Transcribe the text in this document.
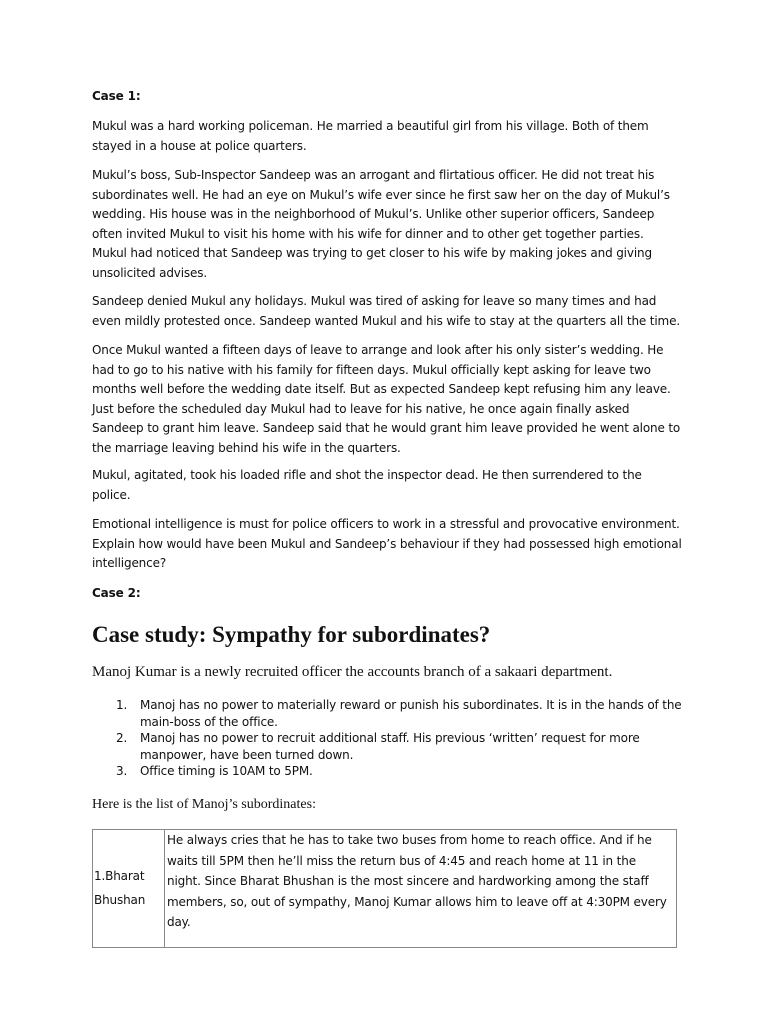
Case 1:

Mukul was a hard working policeman. He married a beautiful girl from his village. Both of them stayed in a house at police quarters.

Mukul’s boss, Sub-Inspector Sandeep was an arrogant and flirtatious officer. He did not treat his subordinates well. He had an eye on Mukul’s wife ever since he first saw her on the day of Mukul’s wedding. His house was in the neighborhood of Mukul’s. Unlike other superior officers, Sandeep often invited Mukul to visit his home with his wife for dinner and to other get together parties. Mukul had noticed that Sandeep was trying to get closer to his wife by making jokes and giving unsolicited advises.

Sandeep denied Mukul any holidays. Mukul was tired of asking for leave so many times and had even mildly protested once. Sandeep wanted Mukul and his wife to stay at the quarters all the time.

Once Mukul wanted a fifteen days of leave to arrange and look after his only sister’s wedding. He had to go to his native with his family for fifteen days. Mukul officially kept asking for leave two months well before the wedding date itself. But as expected Sandeep kept refusing him any leave. Just before the scheduled day Mukul had to leave for his native, he once again finally asked Sandeep to grant him leave. Sandeep said that he would grant him leave provided he went alone to the marriage leaving behind his wife in the quarters.

Mukul, agitated, took his loaded rifle and shot the inspector dead. He then surrendered to the police.

Emotional intelligence is must for police officers to work in a stressful and provocative environment. Explain how would have been Mukul and Sandeep’s behaviour if they had possessed high emotional intelligence?

Case 2:

Case study: Sympathy for subordinates?

Manoj Kumar is a newly recruited officer the accounts branch of a sakaari department.

1. Manoj has no power to materially reward or punish his subordinates. It is in the hands of the main-boss of the office.
2. Manoj has no power to recruit additional staff. His previous ‘written’ request for more manpower, have been turned down.
3. Office timing is 10AM to 5PM.

Here is the list of Manoj’s subordinates:

1.Bharat Bhushan	He always cries that he has to take two buses from home to reach office. And if he waits till 5PM then he’ll miss the return bus of 4:45 and reach home at 11 in the night. Since Bharat Bhushan is the most sincere and hardworking among the staff members, so, out of sympathy, Manoj Kumar allows him to leave off at 4:30PM every day.
